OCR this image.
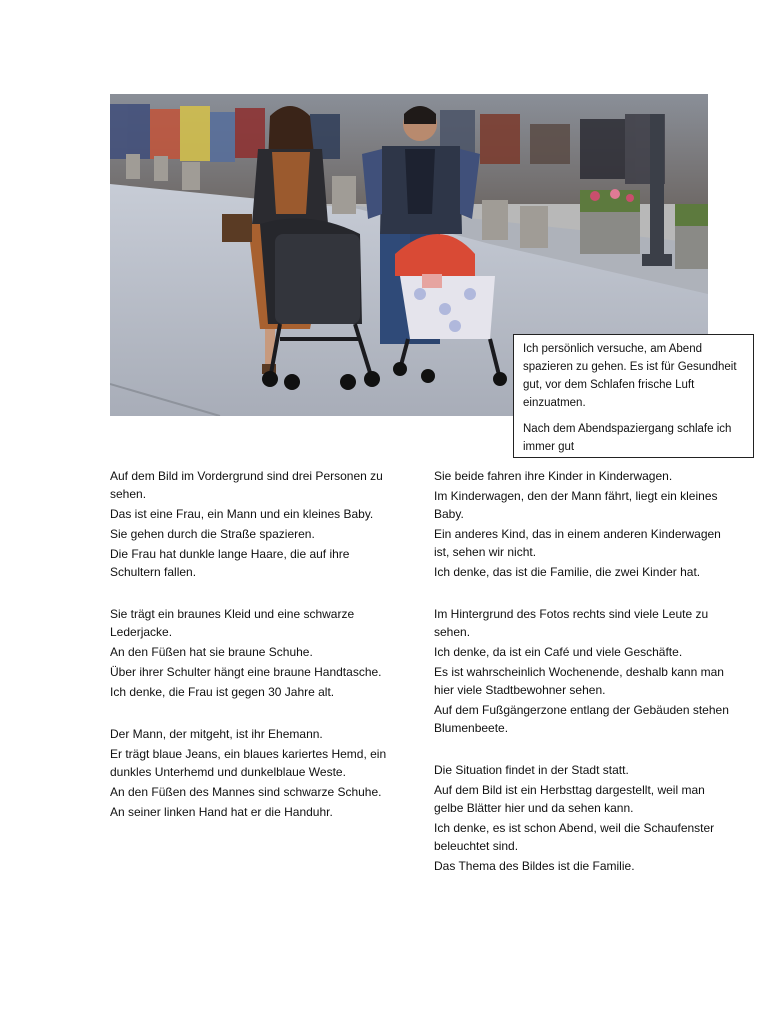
Ich persönlich versuche, am Abend spazieren zu gehen. Es ist für Gesundheit gut, vor dem Schlafen frische Luft einzuatmen.

Nach dem Abendspaziergang schlafe ich immer gut

Auf dem Bild im Vordergrund sind drei Personen zu sehen.

Das ist eine Frau, ein Mann und ein kleines Baby.

Sie gehen durch die Straße spazieren.

Die Frau hat dunkle lange Haare, die auf ihre Schultern fallen.

Sie trägt ein braunes Kleid und eine schwarze Lederjacke.

An den Füßen hat sie braune Schuhe.

Über ihrer Schulter hängt eine braune Handtasche.

Ich denke, die Frau ist gegen 30 Jahre alt.

Der Mann, der mitgeht, ist ihr Ehemann.

Er trägt blaue Jeans, ein blaues kariertes Hemd, ein dunkles Unterhemd und dunkelblaue Weste.

An den Füßen des Mannes sind schwarze Schuhe.

An seiner linken Hand hat er die Handuhr.

Sie beide fahren ihre Kinder in Kinderwagen.

Im Kinderwagen, den der Mann fährt, liegt ein kleines Baby.

Ein anderes Kind, das in einem anderen Kinderwagen ist, sehen wir nicht.

Ich denke, das ist die Familie, die zwei Kinder hat.

Im Hintergrund des Fotos rechts sind viele Leute zu sehen.

Ich denke, da ist ein Café und viele Geschäfte.

Es ist wahrscheinlich Wochenende, deshalb kann man hier viele Stadtbewohner sehen.

Auf dem Fußgängerzone entlang der Gebäuden stehen Blumenbeete.

Die Situation findet in der Stadt statt.

Auf dem Bild ist ein Herbsttag dargestellt, weil man gelbe Blätter hier und da sehen kann.

Ich denke, es ist schon Abend, weil die Schaufenster beleuchtet sind.

Das Thema des Bildes ist die Familie.
